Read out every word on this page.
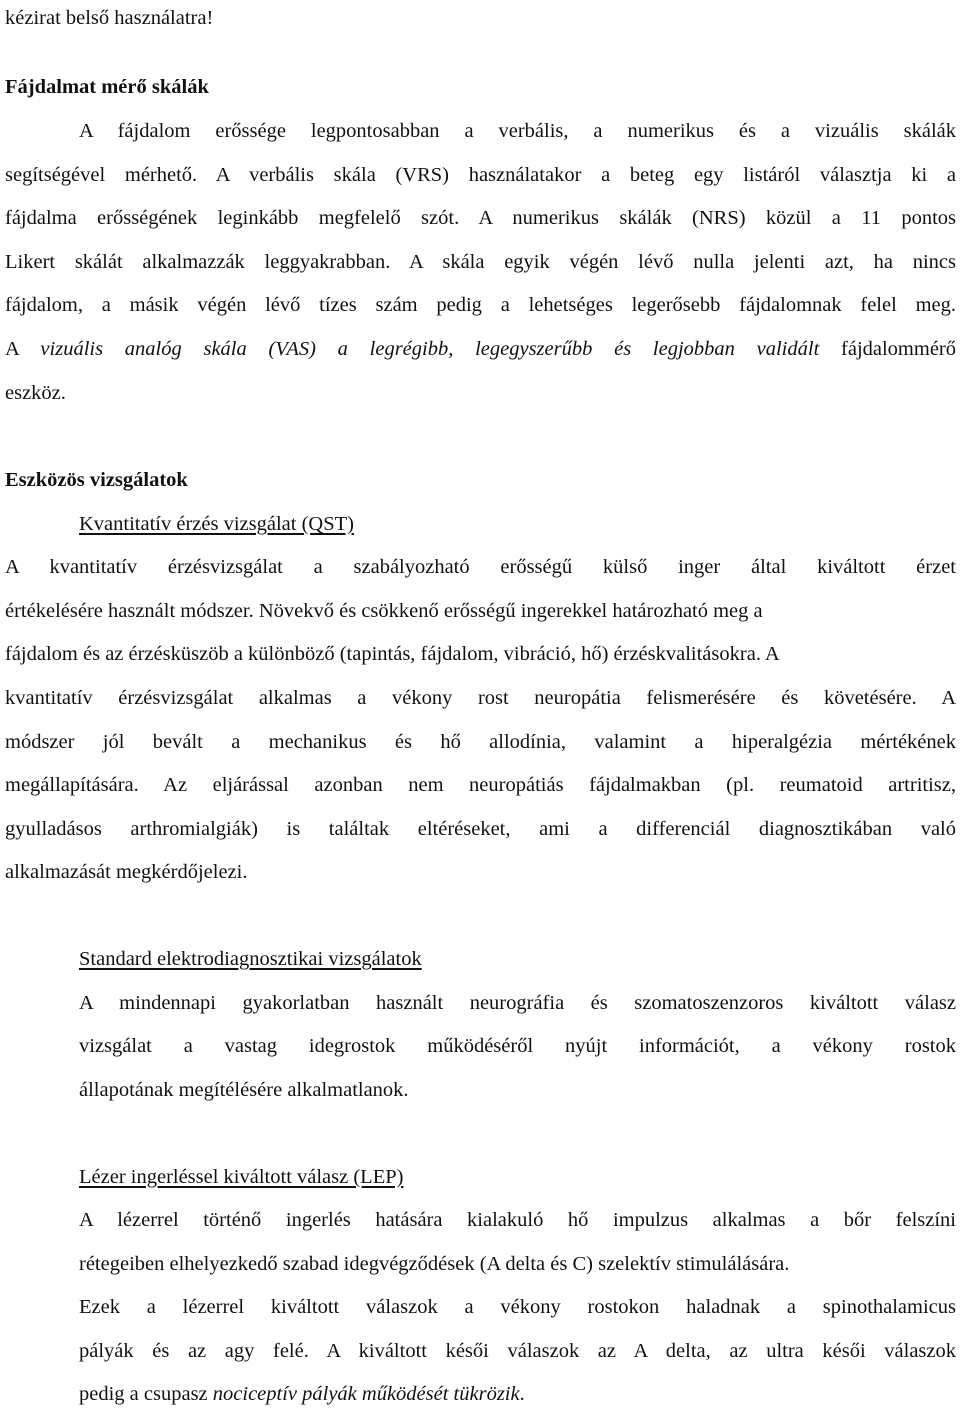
kézirat belső használatra!
Fájdalmat mérő skálák
A fájdalom erőssége legpontosabban a verbális, a numerikus és a vizuális skálák
segítségével mérhető. A verbális skála (VRS) használatakor a beteg egy listáról választja ki a
fájdalma erősségének leginkább megfelelő szót. A numerikus skálák (NRS) közül a 11 pontos
Likert skálát alkalmazzák leggyakrabban. A skála egyik végén lévő nulla jelenti azt, ha nincs
fájdalom, a másik végén lévő tízes szám pedig a lehetséges legerősebb fájdalomnak felel meg.
A vizuális analóg skála (VAS) a legrégibb, legegyszerűbb és legjobban validált fájdalommérő
eszköz.
Eszközös vizsgálatok
Kvantitatív érzés vizsgálat (QST)
A kvantitatív érzésvizsgálat a szabályozható erősségű külső inger által kiváltott érzet
értékelésére használt módszer. Növekvő és csökkenő erősségű ingerekkel határozható meg a
fájdalom és az érzésküszöb a különböző (tapintás, fájdalom, vibráció, hő) érzéskvalitásokra. A
kvantitatív érzésvizsgálat alkalmas a vékony rost neuropátia felismerésére és követésére. A
módszer jól bevált a mechanikus és hő allodínia, valamint a hiperalgézia mértékének
megállapítására. Az eljárással azonban nem neuropátiás fájdalmakban (pl. reumatoid artritisz,
gyulladásos arthromialgiák) is találtak eltéréseket, ami a differenciál diagnosztikában való
alkalmazását megkérdőjelezi.
Standard elektrodiagnosztikai vizsgálatok
A mindennapi gyakorlatban használt neurográfia és szomatoszenzoros kiváltott válasz
vizsgálat a vastag idegrostok működéséről nyújt információt, a vékony rostok
állapotának megítélésére alkalmatlanok.
Lézer ingerléssel kiváltott válasz (LEP)
A lézerrel történő ingerlés hatására kialakuló hő impulzus alkalmas a bőr felszíni
rétegeiben elhelyezkedő szabad idegvégződések (A delta és C) szelektív stimulálására.
Ezek a lézerrel kiváltott válaszok a vékony rostokon haladnak a spinothalamicus
pályák és az agy felé. A kiváltott késői válaszok az A delta, az ultra késői válaszok
pedig a csupasz nociceptív pályák működését tükrözik.
